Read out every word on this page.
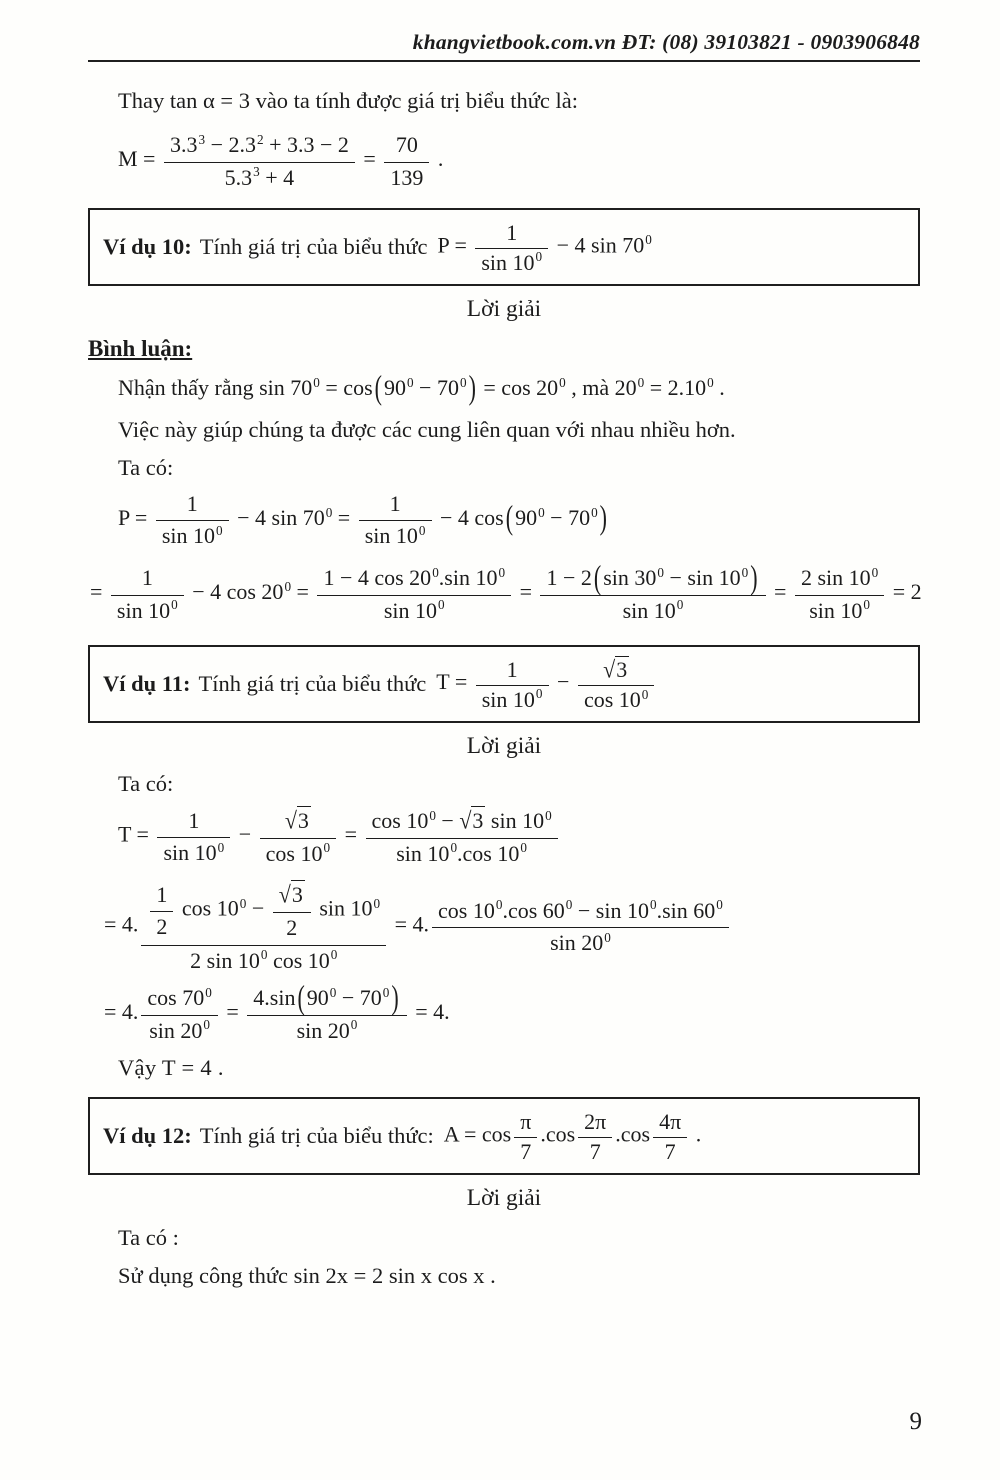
khangvietbook.com.vn ĐT: (08) 39103821 - 0903906848

Thay tan α = 3 vào ta tính được giá trị biểu thức là:

$M = \frac{3.3^3 - 2.3^2 + 3.3 - 2}{5.3^3 + 4} = \frac{70}{139}$ .
Ví dụ 10: Tính giá trị của biểu thức $P = \frac{1}{\sin 10^0} - 4$ $\sin 70^0$
Lời giải
Bình luận:
Nhận thấy rằng $\sin 70^0 = \cos(90^0 - 70^0) = \cos 20^0$ , mà $20^0 = 2.10^0$ .

Việc này giúp chúng ta được các cung liên quan với nhau nhiều hơn.

Ta có:

$P = \frac{1}{\sin 10^0} - 4$ $\sin 70^0 = \frac{1}{\sin 10^0} - 4$ $\cos(90^0 - 70^0)$
= $\frac{1}{\sin 10^0} - 4$ $\cos 20^0 = \frac{1 - 4 \cos 20^0.\sin 10^0}{\sin 10^0} = \frac{1 - 2(\sin 30^0 - \sin 10^0)}{\sin 10^0} = \frac{2 \sin 10^0}{\sin 10^0} = 2$
Ví dụ 11: Tính giá trị của biểu thức $T = \frac{1}{\sin 10^0} - \frac{√3}{\cos 10^0}$
Lời giải

Ta có:

$T = \frac{1}{\sin 10^0} - \frac{√3}{\cos 10^0} = \frac{\cos 10^0 - √3 \sin 10^0}{\sin 10^0.\cos 10^0}$
= 4. $\frac{\frac{1}{2} \cos 10^0 - \frac{√3}{2} \sin 10^0}{2 \sin 10^0 \cos 10^0} = 4$. $\frac{\cos 10^0.\cos 60^0 - \sin 10^0.\sin 60^0}{\sin 20^0}$
= 4. $\frac{\cos 70^0}{\sin 20^0} = \frac{4.\sin(90^0 - 70^0)}{\sin 20^0} = 4$.

Vậy T = 4 .

Ví dụ 12: Tính giá trị của biểu thức: $A = \cos \frac{\pi}{7} .\cos \frac{2\pi}{7} .\cos \frac{4\pi}{7}$ .
Lời giải

Ta có :

Sử dụng công thức sin 2x = 2 sin x cos x .

9
